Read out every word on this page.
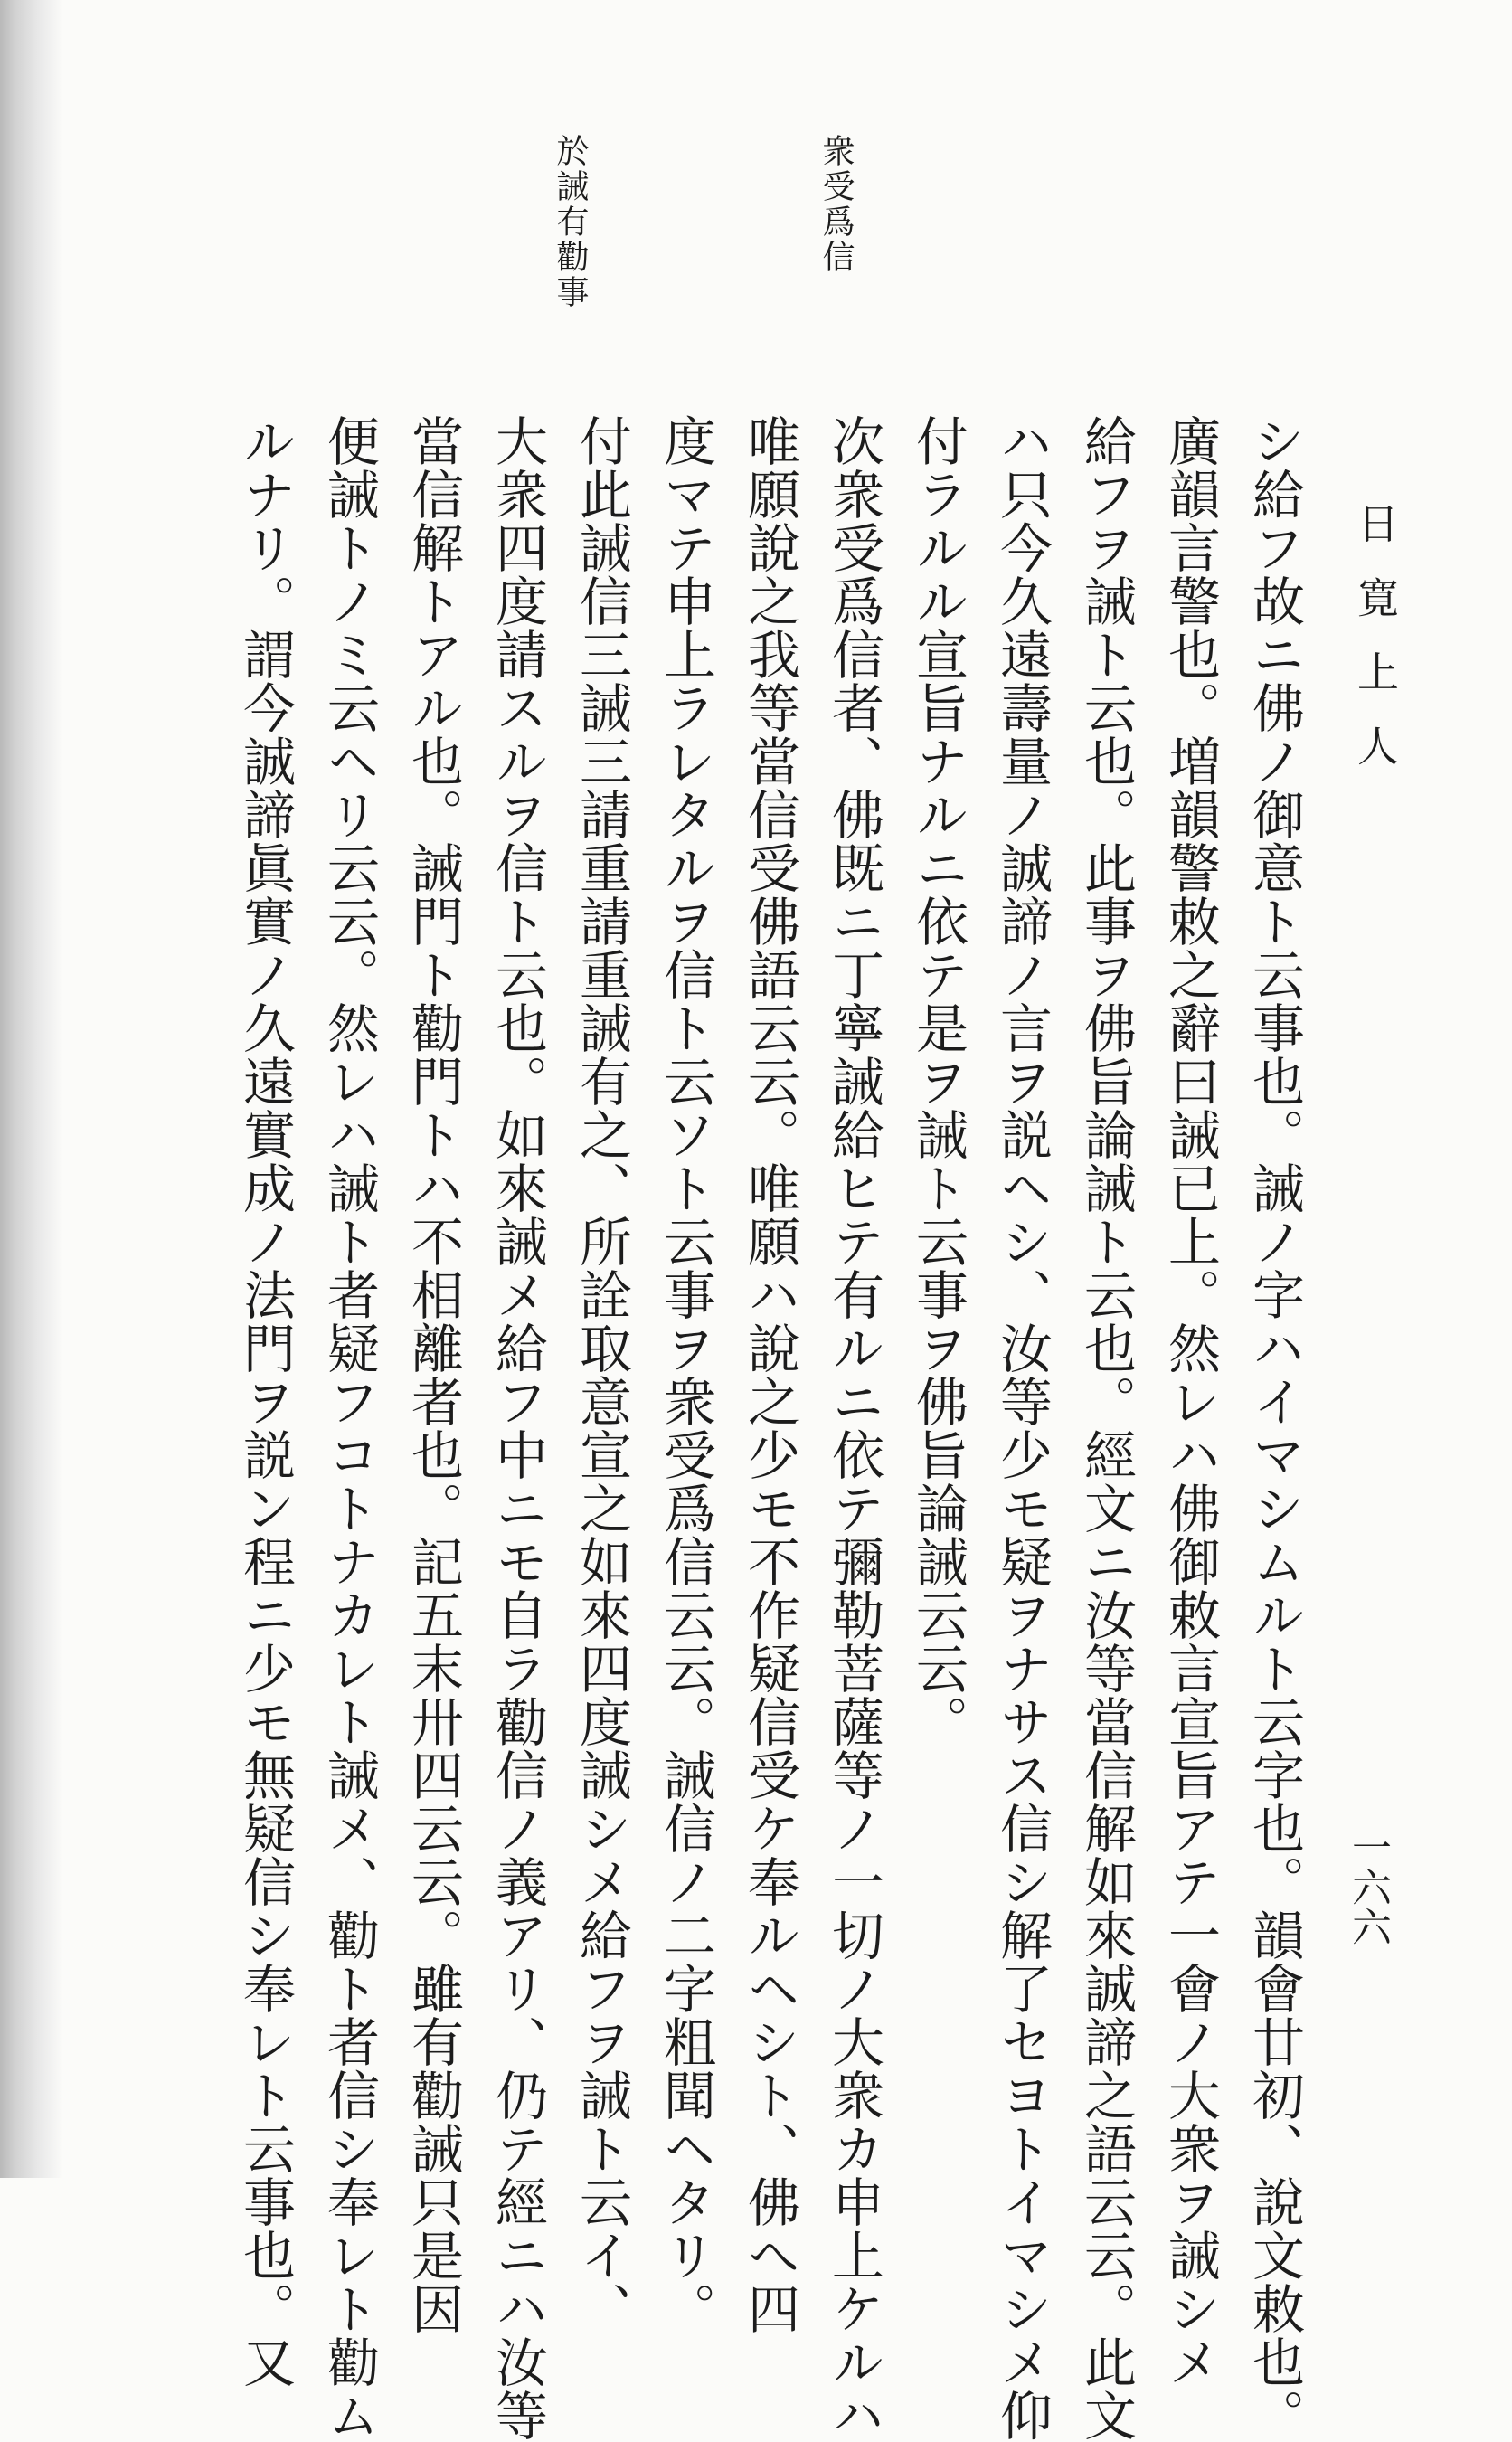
日寛上人
一六六
衆受爲信
於誡有勸事
シ給フ故ニ佛ノ御意ト云事也。誡ノ字ハイマシムルト云字也。韻會廿初、說文敕也。
廣韻言警也。増韻警敕之辭曰誡已上。然レハ佛御敕言宣旨アテ一會ノ大衆ヲ誡シメ
給フヲ誡ト云也。此事ヲ佛旨論誡ト云也。經文ニ汝等當信解如來誠諦之語云云。此文
ハ只今久遠壽量ノ誠諦ノ言ヲ説ヘシ、汝等少モ疑ヲナサス信シ解了セヨトイマシメ仰
付ラルル宣旨ナルニ依テ是ヲ誡ト云事ヲ佛旨論誡云云。
次衆受爲信者、佛既ニ丁寧誡給ヒテ有ルニ依テ彌勒菩薩等ノ一切ノ大衆カ申上ケルハ
唯願說之我等當信受佛語云云。唯願ハ說之少モ不作疑信受ケ奉ルヘシト、佛へ四
度マテ申上ラレタルヲ信ト云ソト云事ヲ衆受爲信云云。誡信ノ二字粗聞ヘタリ。
付此誡信三誡三請重請重誡有之、所詮取意宣之如來四度誡シメ給フヲ誡ト云イ、
大衆四度請スルヲ信ト云也。如來誡メ給フ中ニモ自ラ勸信ノ義アリ、仍テ經ニハ汝等
當信解トアル也。誡門ト勸門トハ不相離者也。記五末卅四云云。雖有勸誡只是因
便誡トノミ云ヘリ云云。然レハ誡ト者疑フコトナカレト誡メ、勸ト者信シ奉レト勸ム
ルナリ。謂今誠諦眞實ノ久遠實成ノ法門ヲ説ン程ニ少モ無疑信シ奉レト云事也。又
